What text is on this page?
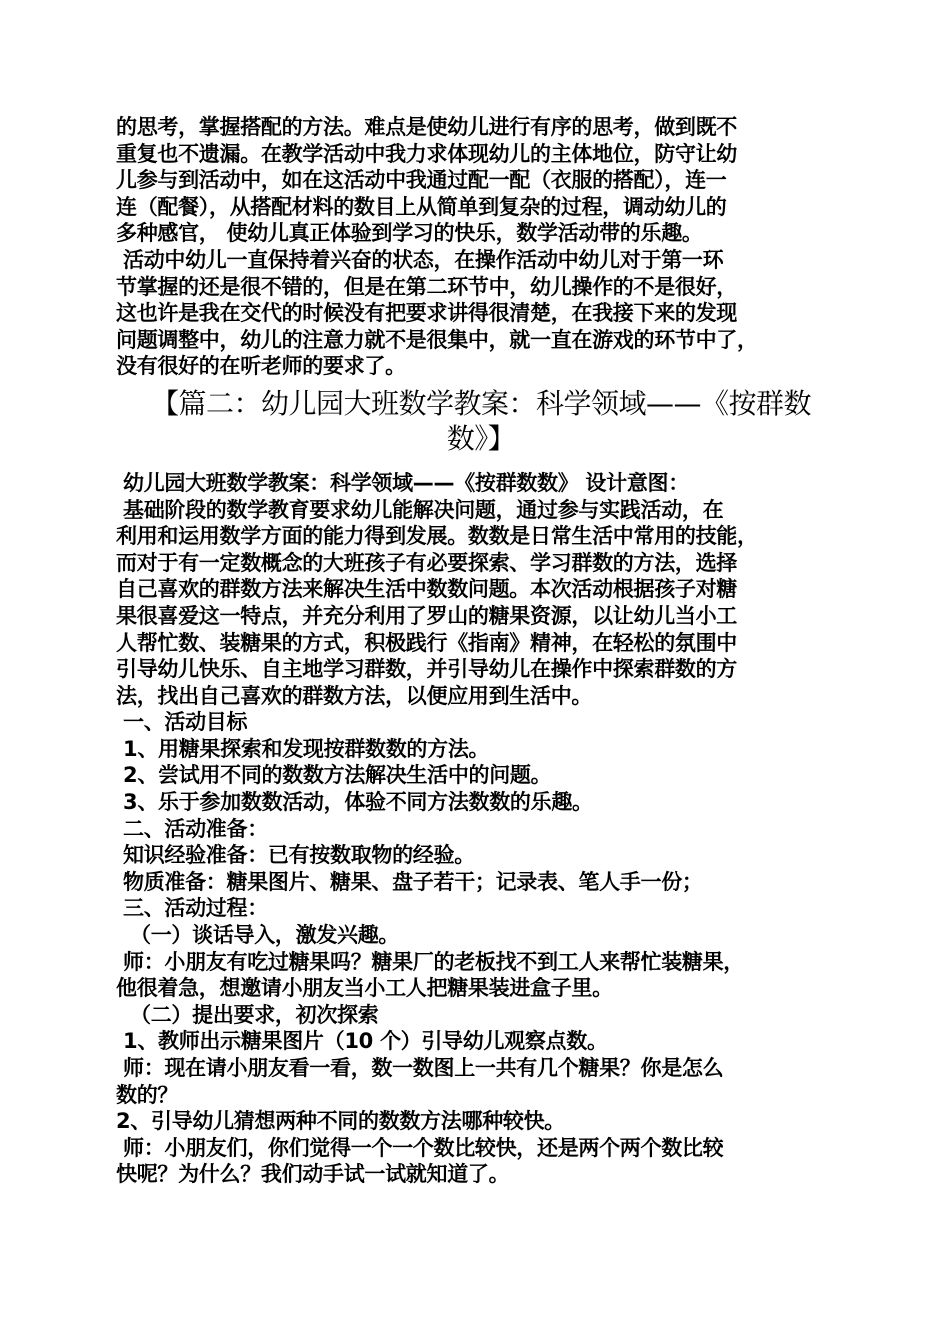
的思考，掌握搭配的方法。难点是使幼儿进行有序的思考，做到既不
重复也不遗漏。在教学活动中我力求体现幼儿的主体地位，防守让幼
儿参与到活动中，如在这活动中我通过配一配（衣服的搭配），连一
连（配餐），从搭配材料的数目上从简单到复杂的过程，调动幼儿的
多种感官， 使幼儿真正体验到学习的快乐，数学活动带的乐趣。
活动中幼儿一直保持着兴奋的状态，在操作活动中幼儿对于第一环
节掌握的还是很不错的，但是在第二环节中，幼儿操作的不是很好，
这也许是我在交代的时候没有把要求讲得很清楚，在我接下来的发现
问题调整中，幼儿的注意力就不是很集中，就一直在游戏的环节中了，
没有很好的在听老师的要求了。
【篇二：幼儿园大班数学教案：科学领域——《按群数
数》】
幼儿园大班数学教案：科学领域——《按群数数》 设计意图：
基础阶段的数学教育要求幼儿能解决问题，通过参与实践活动，在
利用和运用数学方面的能力得到发展。数数是日常生活中常用的技能，
而对于有一定数概念的大班孩子有必要探索、学习群数的方法，选择
自己喜欢的群数方法来解决生活中数数问题。本次活动根据孩子对糖
果很喜爱这一特点，并充分利用了罗山的糖果资源，以让幼儿当小工
人帮忙数、装糖果的方式，积极践行《指南》精神，在轻松的氛围中
引导幼儿快乐、自主地学习群数，并引导幼儿在操作中探索群数的方
法，找出自己喜欢的群数方法，以便应用到生活中。
一、活动目标
1、用糖果探索和发现按群数数的方法。
2、尝试用不同的数数方法解决生活中的问题。
3、乐于参加数数活动，体验不同方法数数的乐趣。
二、活动准备：
知识经验准备：已有按数取物的经验。
物质准备：糖果图片、糖果、盘子若干；记录表、笔人手一份；
三、活动过程：
（一）谈话导入，激发兴趣。
师：小朋友有吃过糖果吗？糖果厂的老板找不到工人来帮忙装糖果，
他很着急，想邀请小朋友当小工人把糖果装进盒子里。
（二）提出要求，初次探索
1、教师出示糖果图片（10 个）引导幼儿观察点数。
师：现在请小朋友看一看，数一数图上一共有几个糖果？你是怎么
数的？
2、引导幼儿猜想两种不同的数数方法哪种较快。
师：小朋友们，你们觉得一个一个数比较快，还是两个两个数比较
快呢？为什么？我们动手试一试就知道了。
